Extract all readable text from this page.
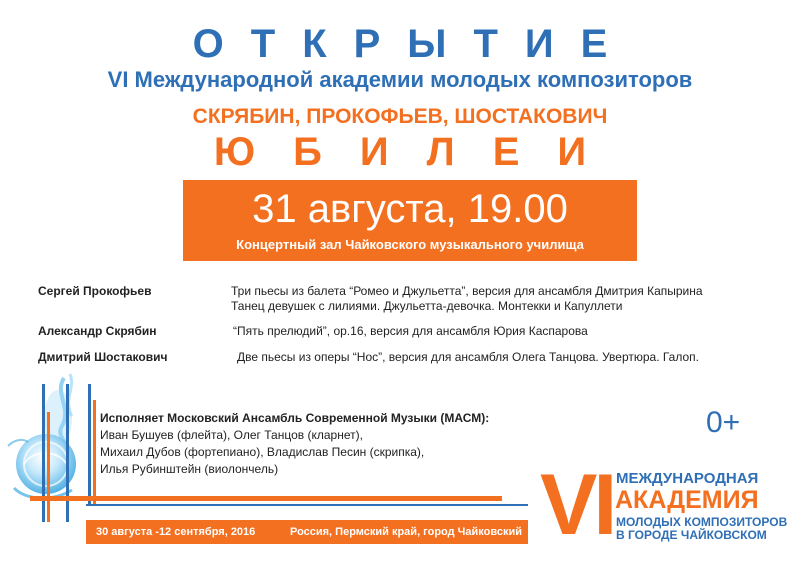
ОТКРЫТИЕ
VI Международной академии молодых композиторов
СКРЯБИН, ПРОКОФЬЕВ, ШОСТАКОВИЧ
ЮБИЛЕИ
31 августа, 19.00
Концертный зал Чайковского музыкального училища
Сергей Прокофьев	Три пьесы из балета “Ромео и Джульетта”, версия для ансамбля Дмитрия Капырина
Танец девушек с лилиями. Джульетта-девочка. Монтекки и Капуллети
Александр Скрябин	“Пять прелюдий”, ор.16, версия для ансамбля Юрия Каспарова
Дмитрий Шостакович	Две пьесы из оперы “Нос”, версия для ансамбля Олега Танцова. Увертюра. Галоп.
Исполняет Московский Ансамбль Современной Музыки (МАСМ):
Иван Бушуев (флейта), Олег Танцов (кларнет),
Михаил Дубов (фортепиано), Владислав Песин (скрипка),
Илья Рубинштейн (виолончель)
0+
30 августа -12 сентября, 2016	Россия, Пермский край, город Чайковский VI МЕЖДУНАРОДНАЯ
АКАДЕМИЯ
МОЛОДЫХ КОМПОЗИТОРОВ
В ГОРОДЕ ЧАЙКОВСКОМ
